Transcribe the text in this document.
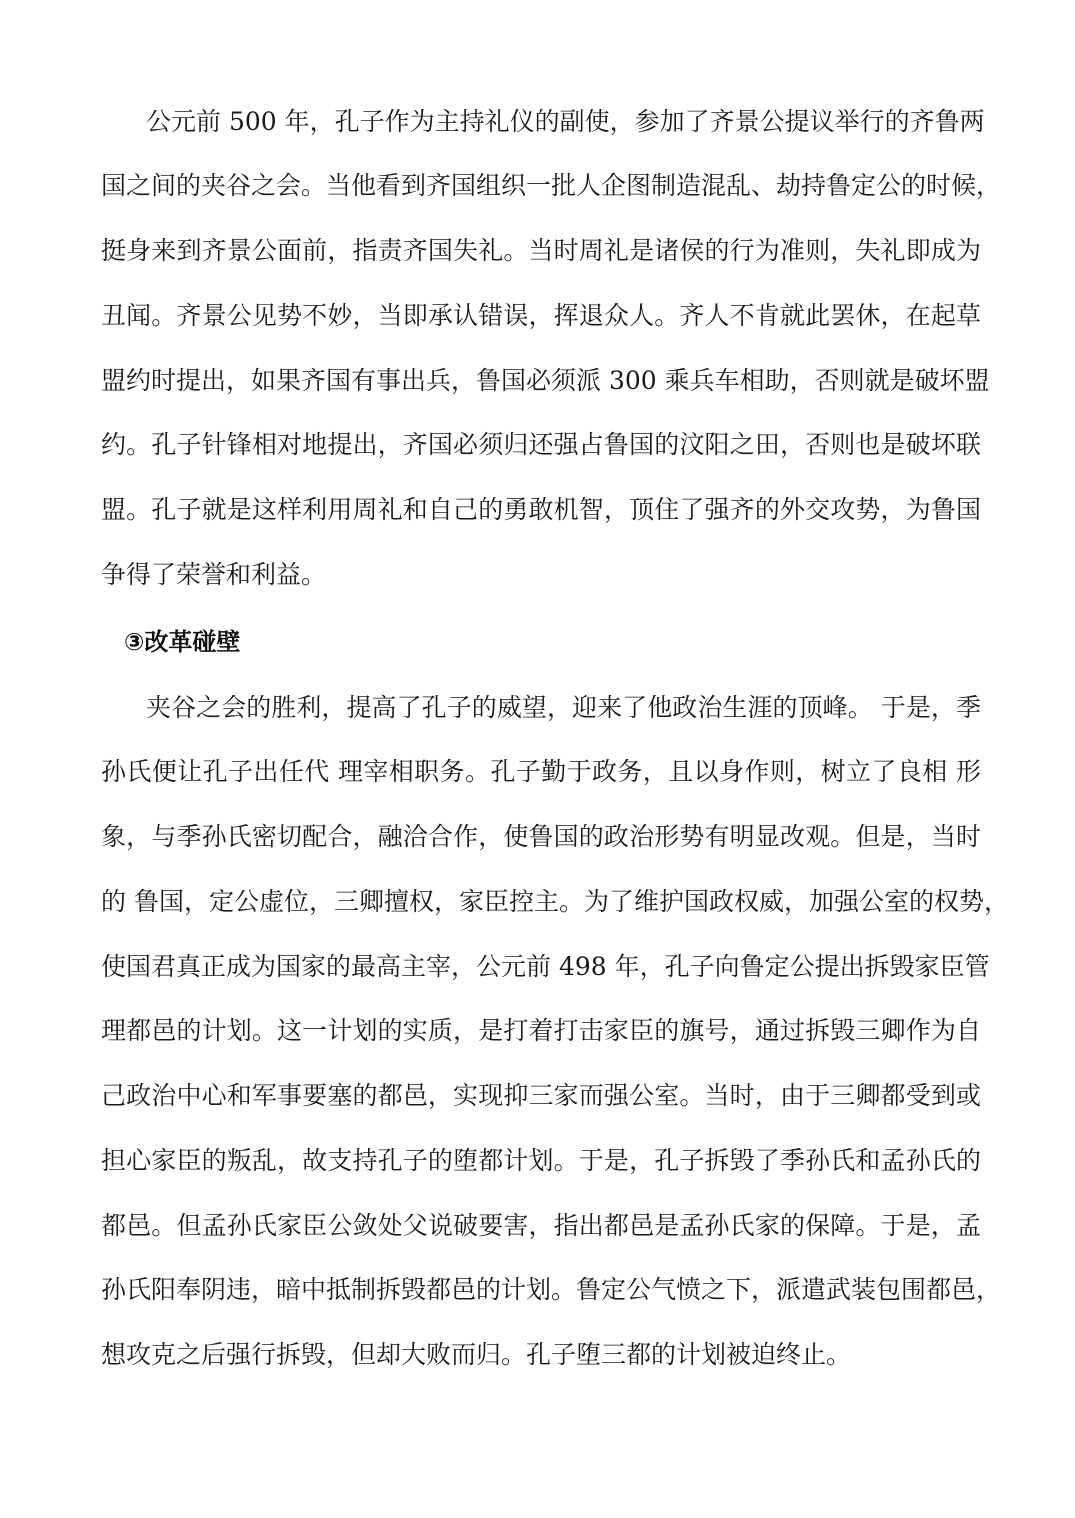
公元前 500 年，孔子作为主持礼仪的副使，参加了齐景公提议举行的齐鲁两
国之间的夹谷之会。当他看到齐国组织一批人企图制造混乱、劫持鲁定公的时候，
挺身来到齐景公面前，指责齐国失礼。当时周礼是诸侯的行为准则，失礼即成为
丑闻。齐景公见势不妙，当即承认错误，挥退众人。齐人不肯就此罢休，在起草
盟约时提出，如果齐国有事出兵，鲁国必须派 300 乘兵车相助，否则就是破坏盟
约。孔子针锋相对地提出，齐国必须归还强占鲁国的汶阳之田，否则也是破坏联
盟。孔子就是这样利用周礼和自己的勇敢机智，顶住了强齐的外交攻势，为鲁国
争得了荣誉和利益。
③改革碰壁
夹谷之会的胜利，提高了孔子的威望，迎来了他政治生涯的顶峰。 于是，季
孙氏便让孔子出任代 理宰相职务。孔子勤于政务，且以身作则，树立了良相 形
象，与季孙氏密切配合，融洽合作，使鲁国的政治形势有明显改观。但是，当时
的 鲁国，定公虚位，三卿擅权，家臣控主。为了维护国政权威，加强公室的权势，
使国君真正成为国家的最高主宰，公元前 498 年，孔子向鲁定公提出拆毁家臣管
理都邑的计划。这一计划的实质，是打着打击家臣的旗号，通过拆毁三卿作为自
己政治中心和军事要塞的都邑，实现抑三家而强公室。当时，由于三卿都受到或
担心家臣的叛乱，故支持孔子的堕都计划。于是，孔子拆毁了季孙氏和孟孙氏的
都邑。但孟孙氏家臣公敛处父说破要害，指出都邑是孟孙氏家的保障。于是，孟
孙氏阳奉阴违，暗中抵制拆毁都邑的计划。鲁定公气愤之下，派遣武装包围都邑，
想攻克之后强行拆毁，但却大败而归。孔子堕三都的计划被迫终止。
